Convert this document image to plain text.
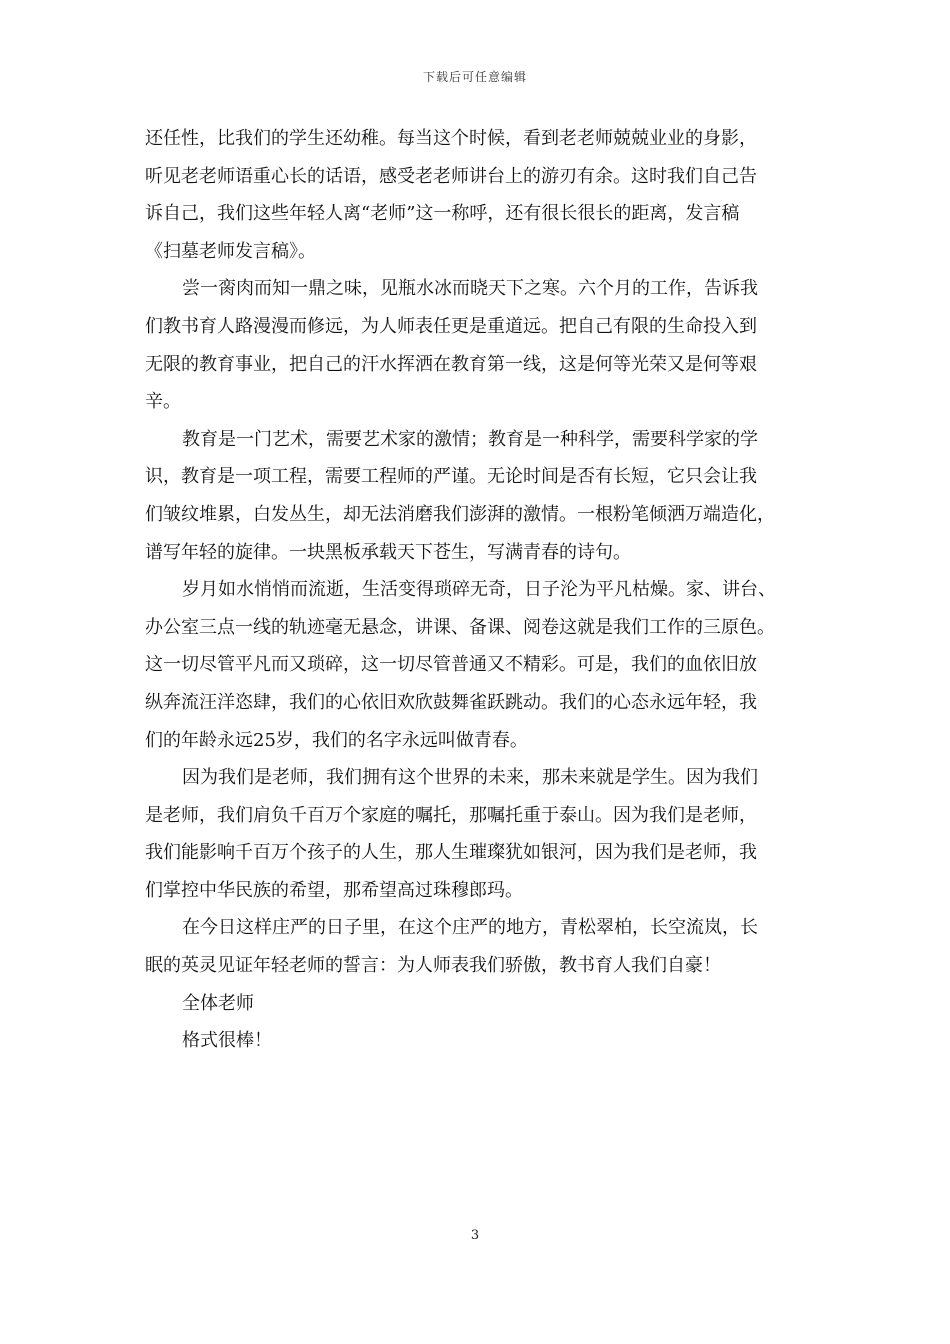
下载后可任意编辑
还任性，比我们的学生还幼稚。每当这个时候，看到老老师兢兢业业的身影，
听见老老师语重心长的话语，感受老老师讲台上的游刃有余。这时我们自己告
诉自己，我们这些年轻人离“老师”这一称呼，还有很长很长的距离，发言稿
《扫墓老师发言稿》。
尝一脔肉而知一鼎之味，见瓶水冰而晓天下之寒。六个月的工作，告诉我
们教书育人路漫漫而修远，为人师表任更是重道远。把自己有限的生命投入到
无限的教育事业，把自己的汗水挥洒在教育第一线，这是何等光荣又是何等艰
辛。
教育是一门艺术，需要艺术家的激情；教育是一种科学，需要科学家的学
识，教育是一项工程，需要工程师的严谨。无论时间是否有长短，它只会让我
们皱纹堆累，白发丛生，却无法消磨我们澎湃的激情。一根粉笔倾洒万端造化，
谱写年轻的旋律。一块黑板承载天下苍生，写满青春的诗句。
岁月如水悄悄而流逝，生活变得琐碎无奇，日子沦为平凡枯燥。家、讲台、
办公室三点一线的轨迹毫无悬念，讲课、备课、阅卷这就是我们工作的三原色。
这一切尽管平凡而又琐碎，这一切尽管普通又不精彩。可是，我们的血依旧放
纵奔流汪洋恣肆，我们的心依旧欢欣鼓舞雀跃跳动。我们的心态永远年轻，我
们的年龄永远25岁，我们的名字永远叫做青春。
因为我们是老师，我们拥有这个世界的未来，那未来就是学生。因为我们
是老师，我们肩负千百万个家庭的嘱托，那嘱托重于泰山。因为我们是老师，
我们能影响千百万个孩子的人生，那人生璀璨犹如银河，因为我们是老师，我
们掌控中华民族的希望，那希望高过珠穆郎玛。
在今日这样庄严的日子里，在这个庄严的地方，青松翠柏，长空流岚，长
眠的英灵见证年轻老师的誓言：为人师表我们骄傲，教书育人我们自豪！
全体老师
格式很棒！
3
